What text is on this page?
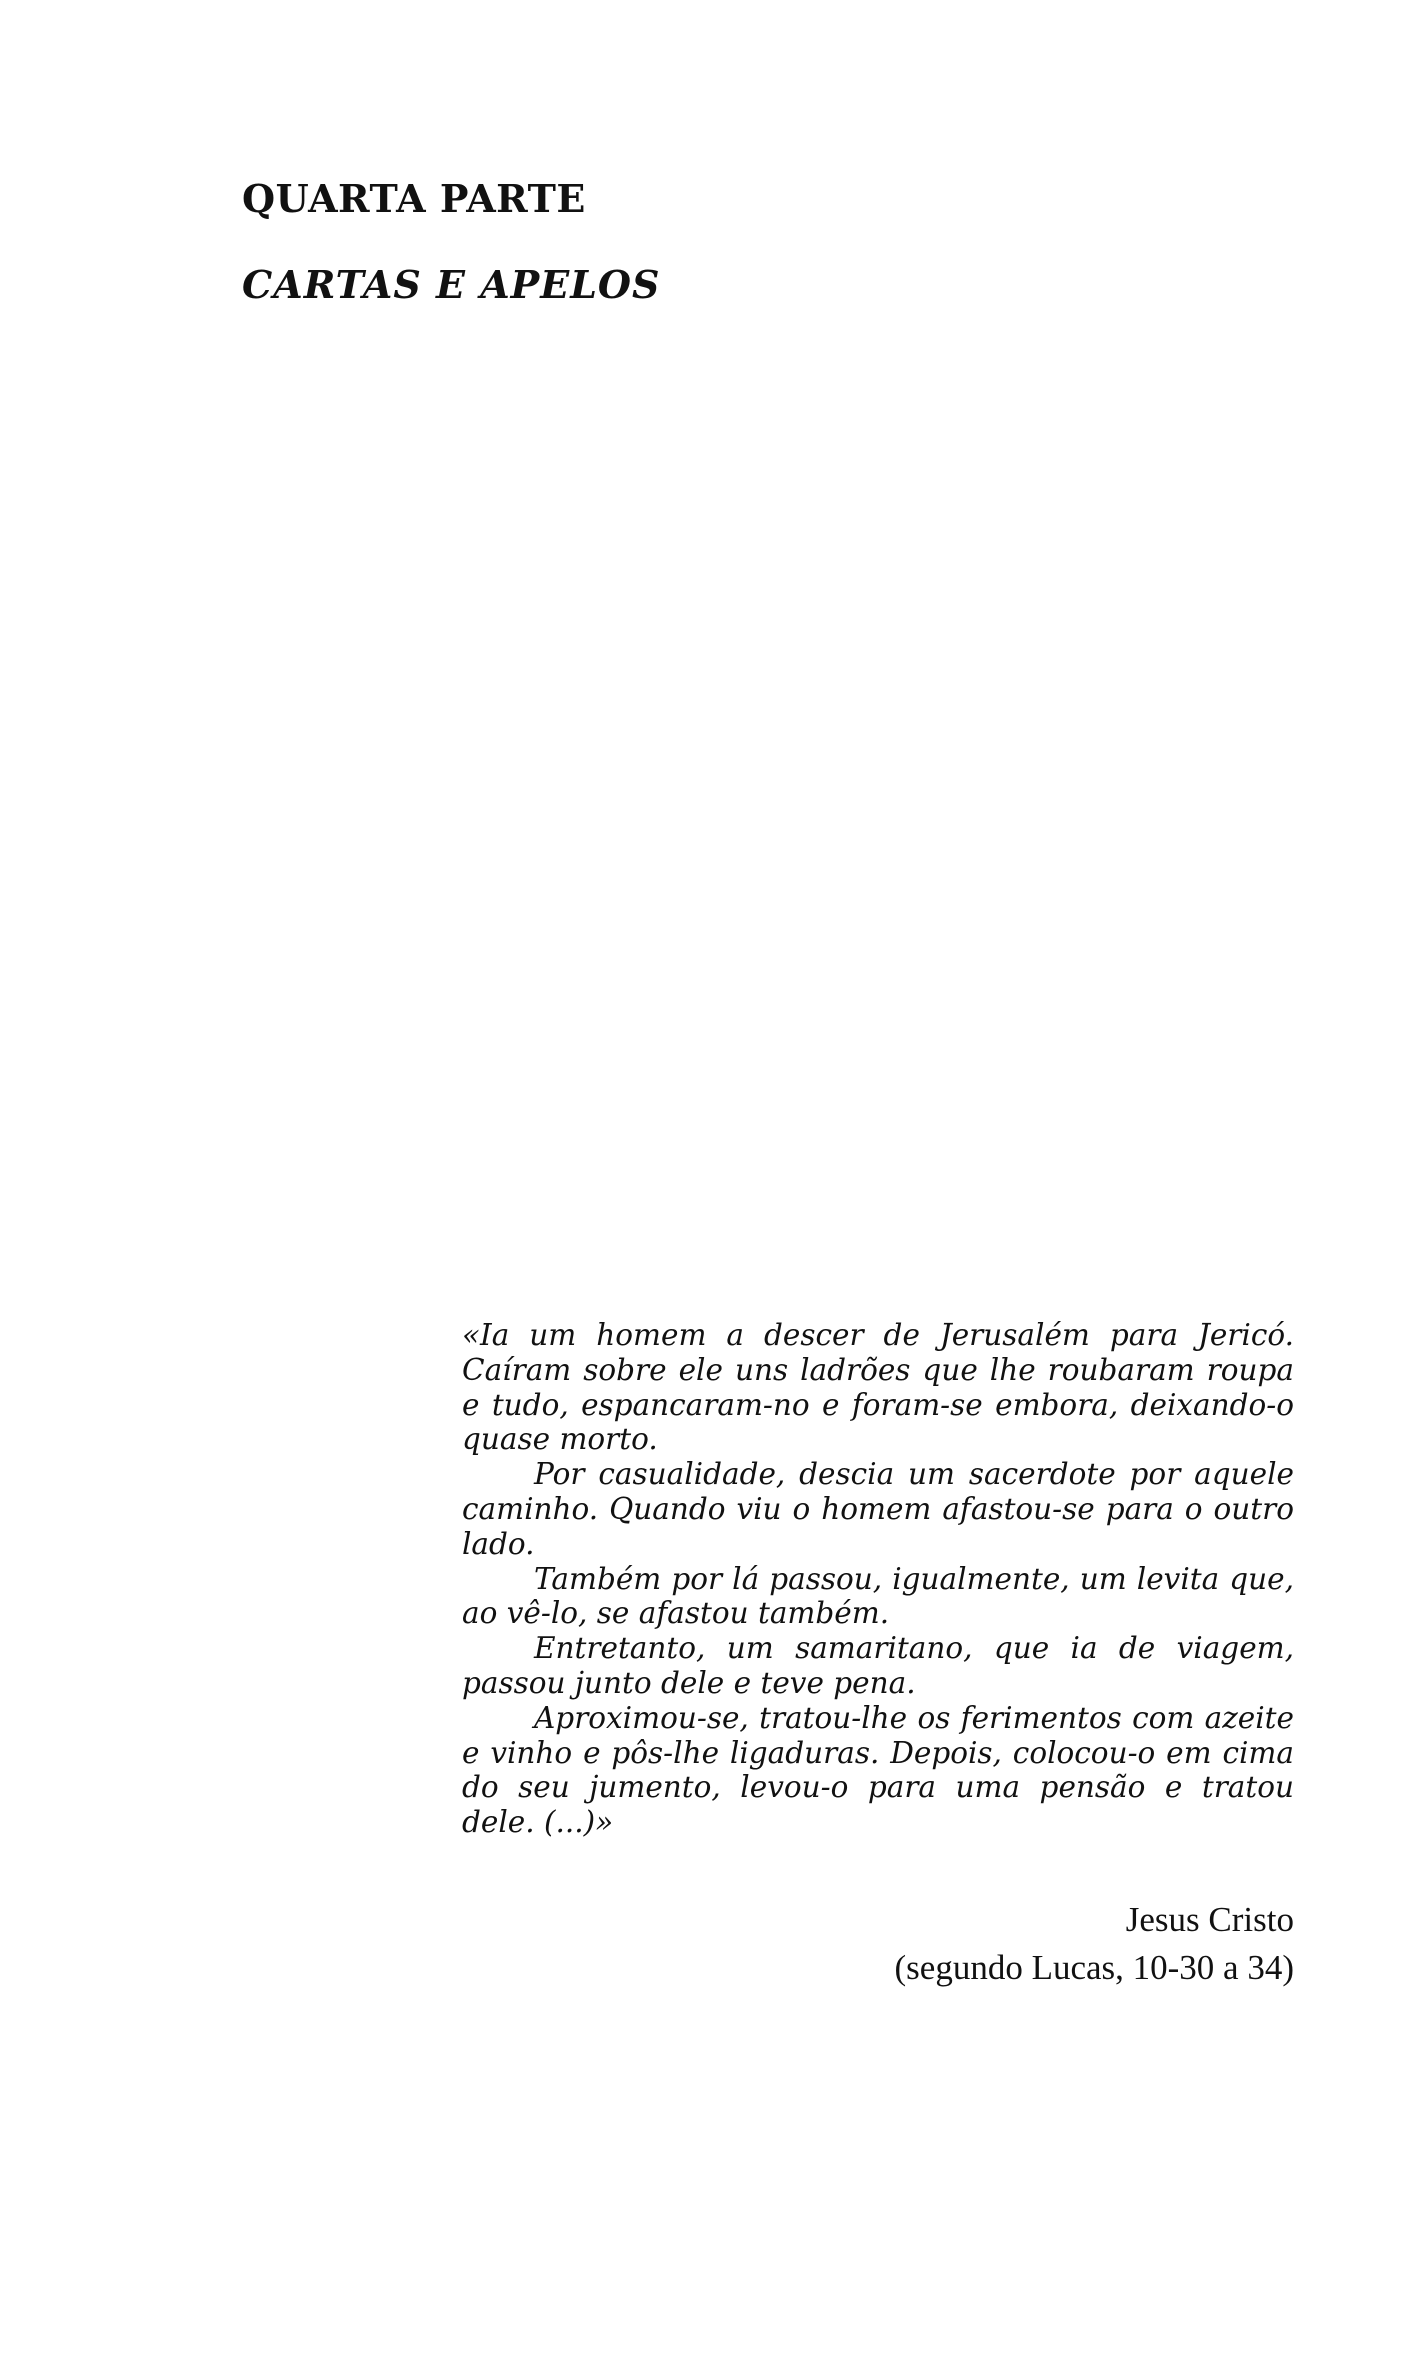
QUARTA PARTE
CARTAS E APELOS

«Ia um homem a descer de Jerusalém para Jericó. Caíram sobre ele uns ladrões que lhe roubaram roupa e tudo, espancaram-no e foram-se embora, deixando-o quase morto.

Por casualidade, descia um sacerdote por aquele caminho. Quando viu o homem afastou-se para o outro lado.

Também por lá passou, igualmente, um levita que, ao vê-lo, se afastou também.

Entretanto, um samaritano, que ia de viagem, passou junto dele e teve pena.

Aproximou-se, tratou-lhe os ferimentos com azeite e vinho e pôs-lhe ligaduras. Depois, colocou-o em cima do seu jumento, levou-o para uma pensão e tratou dele. (...)»

Jesus Cristo
(segundo Lucas, 10-30 a 34)
